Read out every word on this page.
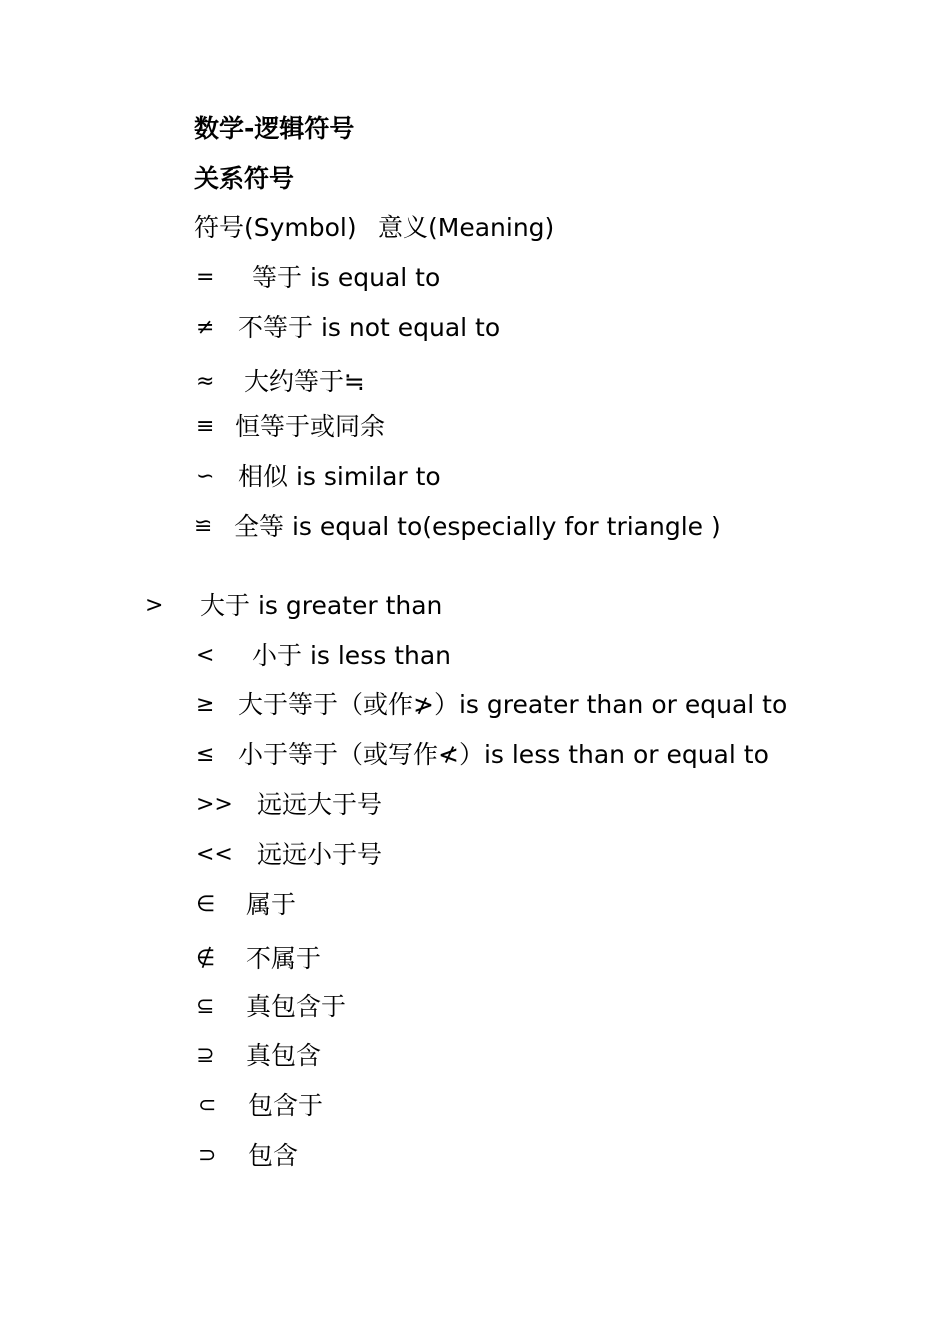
数学-逻辑符号
关系符号
符号(Symbol) 意义(Meaning)
= 等于 is equal to
≠ 不等于 is not equal to
≈ 大约等于≒
≡ 恒等于或同余
∽ 相似 is similar to
≌ 全等 is equal to(especially for triangle )
> 大于 is greater than
< 小于 is less than
≥ 大于等于（或作≯）is greater than or equal to
≤ 小于等于（或写作≮）is less than or equal to
>> 远远大于号
<< 远远小于号
∈ 属于
∉ 不属于
⊆ 真包含于
⊇ 真包含
⊂ 包含于
⊃ 包含
